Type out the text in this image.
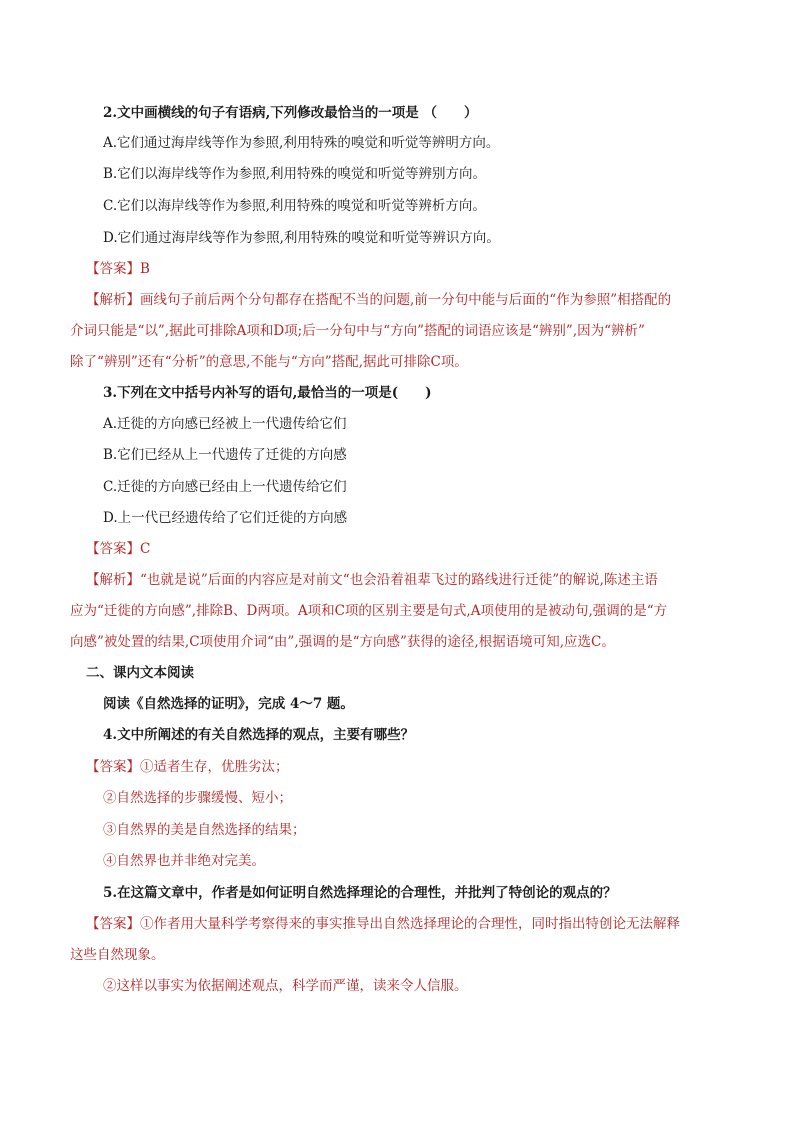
2.文中画横线的句子有语病,下列修改最恰当的一项是 （　　）
A.它们通过海岸线等作为参照,利用特殊的嗅觉和听觉等辨明方向。
B.它们以海岸线等作为参照,利用特殊的嗅觉和听觉等辨别方向。
C.它们以海岸线等作为参照,利用特殊的嗅觉和听觉等辨析方向。
D.它们通过海岸线等作为参照,利用特殊的嗅觉和听觉等辨识方向。
【答案】B
【解析】画线句子前后两个分句都存在搭配不当的问题,前一分句中能与后面的“作为参照”相搭配的
介词只能是“以”,据此可排除A项和D项;后一分句中与“方向”搭配的词语应该是“辨别”,因为“辨析”
除了“辨别”还有“分析”的意思,不能与“方向”搭配,据此可排除C项。
3.下列在文中括号内补写的语句,最恰当的一项是(　　)
A.迁徙的方向感已经被上一代遗传给它们
B.它们已经从上一代遗传了迁徙的方向感
C.迁徙的方向感已经由上一代遗传给它们
D.上一代已经遗传给了它们迁徙的方向感
【答案】C
【解析】“也就是说”后面的内容应是对前文“也会沿着祖辈飞过的路线进行迁徙”的解说,陈述主语
应为“迁徙的方向感”,排除B、D两项。A项和C项的区别主要是句式,A项使用的是被动句,强调的是“方
向感”被处置的结果,C项使用介词“由”,强调的是“方向感”获得的途径,根据语境可知,应选C。
二、课内文本阅读
阅读《自然选择的证明》，完成 4～7 题。
4.文中所阐述的有关自然选择的观点，主要有哪些？
【答案】①适者生存，优胜劣汰；
②自然选择的步骤缓慢、短小；
③自然界的美是自然选择的结果；
④自然界也并非绝对完美。
5.在这篇文章中，作者是如何证明自然选择理论的合理性，并批判了特创论的观点的？
【答案】①作者用大量科学考察得来的事实推导出自然选择理论的合理性，同时指出特创论无法解释
这些自然现象。
②这样以事实为依据阐述观点，科学而严谨，读来令人信服。
